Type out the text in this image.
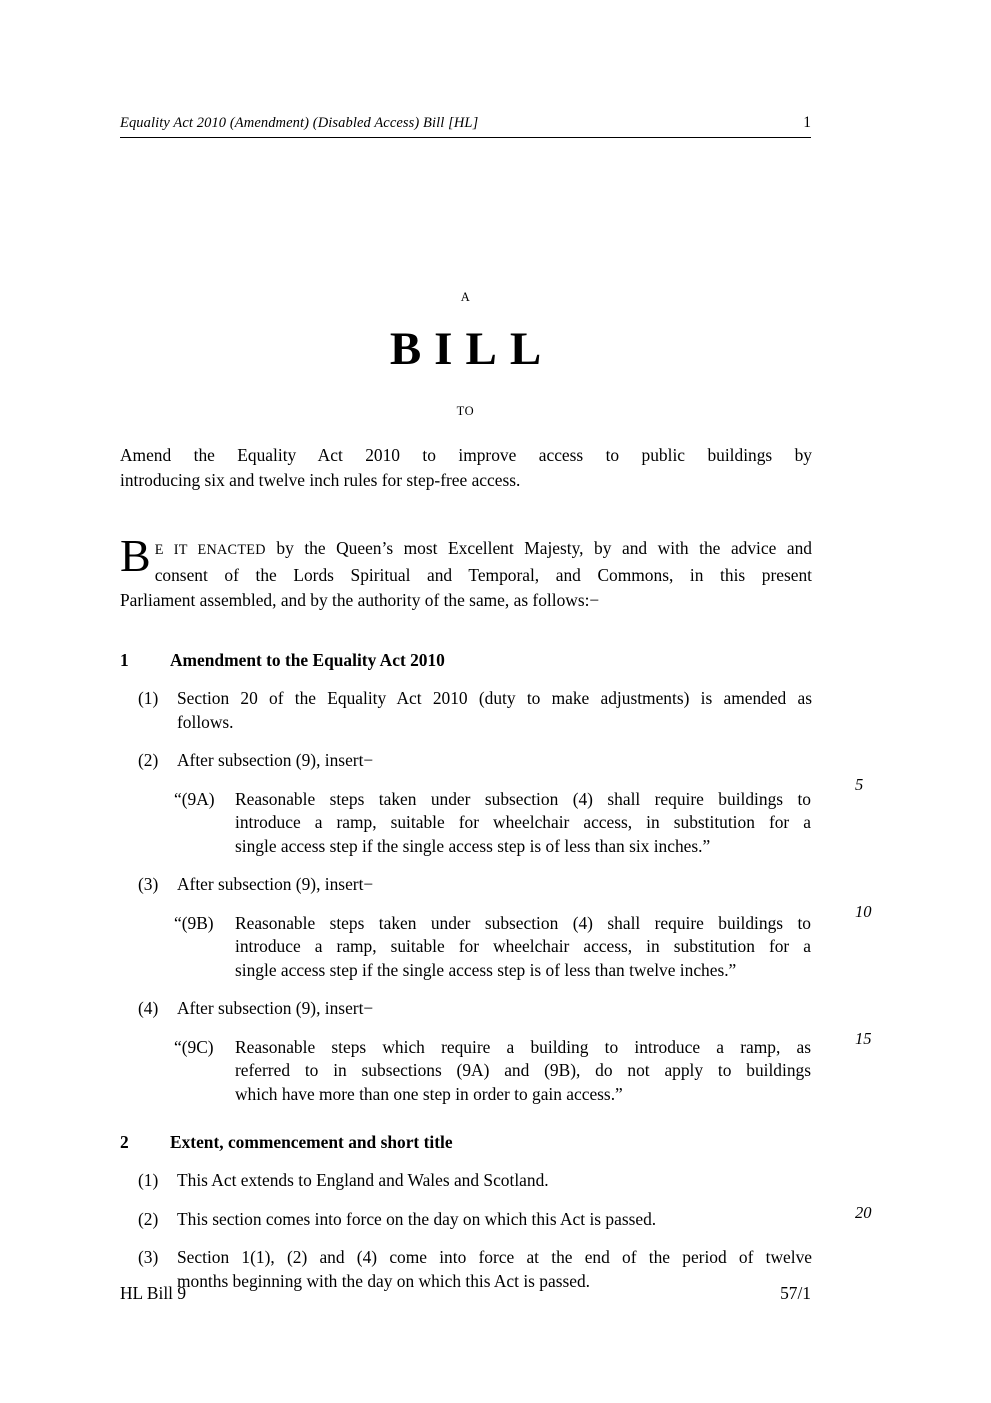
Equality Act 2010 (Amendment) (Disabled Access) Bill [HL]	1
A
BILL
TO
Amend the Equality Act 2010 to improve access to public buildings by
introducing six and twelve inch rules for step-free access.
B E IT ENACTED by the Queen’s most Excellent Majesty, by and with the advice and
consent of the Lords Spiritual and Temporal, and Commons, in this present
Parliament assembled, and by the authority of the same, as follows:−
1	Amendment to the Equality Act 2010
(1)	Section 20 of the Equality Act 2010 (duty to make adjustments) is amended as
follows.
(2)	After subsection (9), insert−
“(9A)	Reasonable steps taken under subsection (4) shall require buildings to
introduce a ramp, suitable for wheelchair access, in substitution for a
single access step if the single access step is of less than six inches.”
(3)	After subsection (9), insert−
“(9B)	Reasonable steps taken under subsection (4) shall require buildings to
introduce a ramp, suitable for wheelchair access, in substitution for a
single access step if the single access step is of less than twelve inches.”
(4)	After subsection (9), insert−
“(9C)	Reasonable steps which require a building to introduce a ramp, as
referred to in subsections (9A) and (9B), do not apply to buildings
which have more than one step in order to gain access.”
2	Extent, commencement and short title
(1)	This Act extends to England and Wales and Scotland.
(2)	This section comes into force on the day on which this Act is passed.
(3)	Section 1(1), (2) and (4) come into force at the end of the period of twelve
months beginning with the day on which this Act is passed.
5
10
15
20
HL Bill 9	57/1
